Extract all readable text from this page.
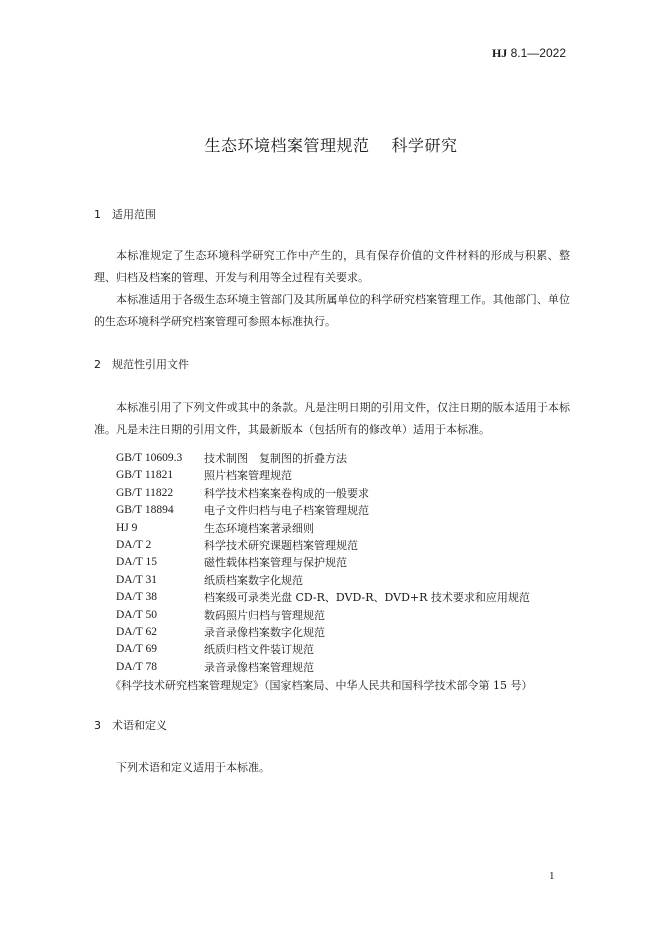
HJ 8.1—2022
生态环境档案管理规范 科学研究
1 适用范围
本标准规定了生态环境科学研究工作中产生的，具有保存价值的文件材料的形成与积累、整理、归档及档案的管理、开发与利用等全过程有关要求。
本标准适用于各级生态环境主管部门及其所属单位的科学研究档案管理工作。其他部门、单位的生态环境科学研究档案管理可参照本标准执行。
2 规范性引用文件
本标准引用了下列文件或其中的条款。凡是注明日期的引用文件，仅注日期的版本适用于本标准。凡是未注日期的引用文件，其最新版本（包括所有的修改单）适用于本标准。
GB/T 10609.3	技术制图　复制图的折叠方法
GB/T 11821	照片档案管理规范
GB/T 11822	科学技术档案案卷构成的一般要求
GB/T 18894	电子文件归档与电子档案管理规范
HJ 9	生态环境档案著录细则
DA/T 2	科学技术研究课题档案管理规范
DA/T 15	磁性载体档案管理与保护规范
DA/T 31	纸质档案数字化规范
DA/T 38	档案级可录类光盘 CD-R、DVD-R、DVD+R 技术要求和应用规范
DA/T 50	数码照片归档与管理规范
DA/T 62	录音录像档案数字化规范
DA/T 69	纸质归档文件装订规范
DA/T 78	录音录像档案管理规范
《科学技术研究档案管理规定》（国家档案局、中华人民共和国科学技术部令第 15 号）
3 术语和定义
下列术语和定义适用于本标准。
1
